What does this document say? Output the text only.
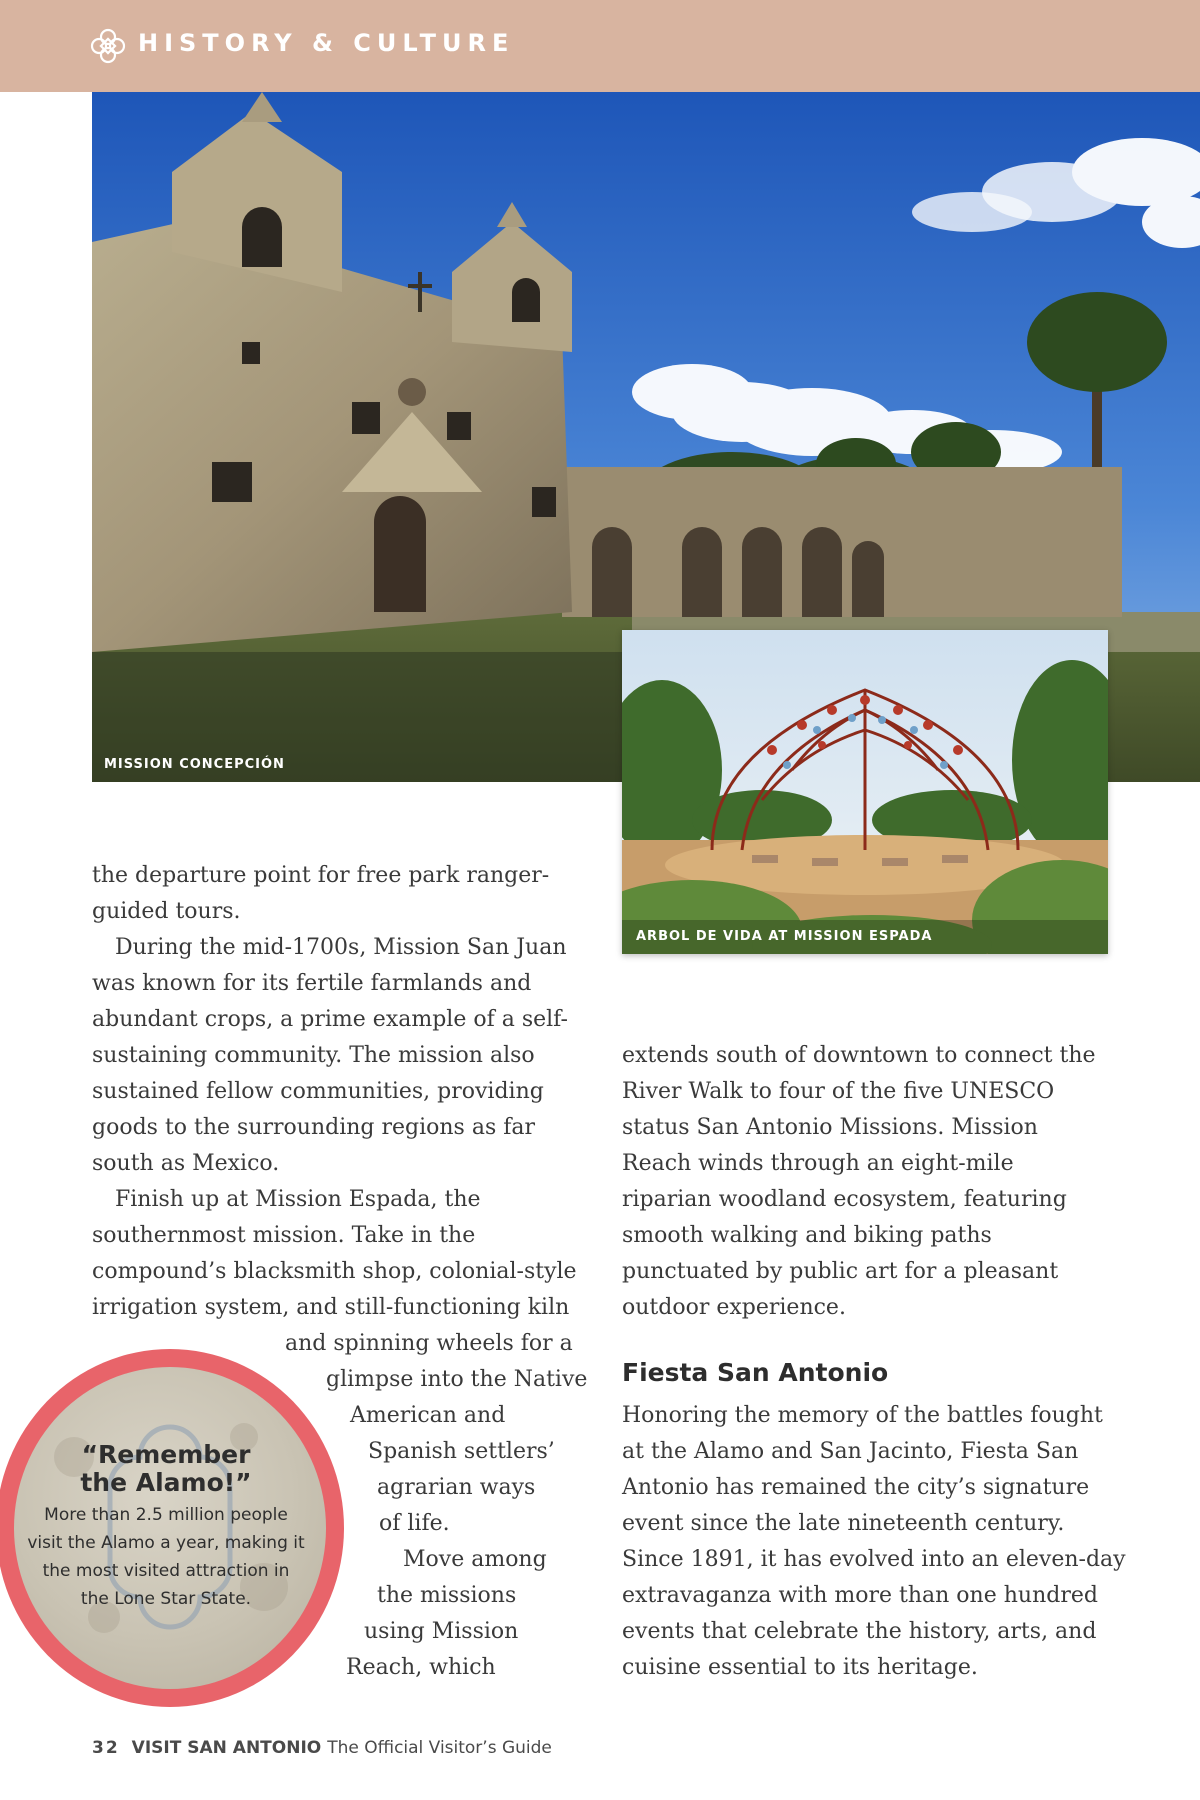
HISTORY & CULTURE
MISSION CONCEPCIÓN
ARBOL DE VIDA AT MISSION ESPADA
the departure point for free park ranger-
guided tours.
During the mid-1700s, Mission San Juan
was known for its fertile farmlands and
abundant crops, a prime example of a self-
sustaining community. The mission also
sustained fellow communities, providing
goods to the surrounding regions as far
south as Mexico.
Finish up at Mission Espada, the
southernmost mission. Take in the
compound’s blacksmith shop, colonial-style
irrigation system, and still-functioning kiln
and spinning wheels for a
glimpse into the Native
American and
Spanish settlers’
agrarian ways
of life.
Move among
the missions
using Mission
Reach, which
extends south of downtown to connect the
River Walk to four of the five UNESCO
status San Antonio Missions. Mission
Reach winds through an eight-mile
riparian woodland ecosystem, featuring
smooth walking and biking paths
punctuated by public art for a pleasant
outdoor experience.
Fiesta San Antonio
Honoring the memory of the battles fought
at the Alamo and San Jacinto, Fiesta San
Antonio has remained the city’s signature
event since the late nineteenth century.
Since 1891, it has evolved into an eleven-day
extravaganza with more than one hundred
events that celebrate the history, arts, and
cuisine essential to its heritage.
“Remember
the Alamo!”
More than 2.5 million people
visit the Alamo a year, making it
the most visited attraction in
the Lone Star State.
32 VISIT SAN ANTONIO The Official Visitor’s Guide
